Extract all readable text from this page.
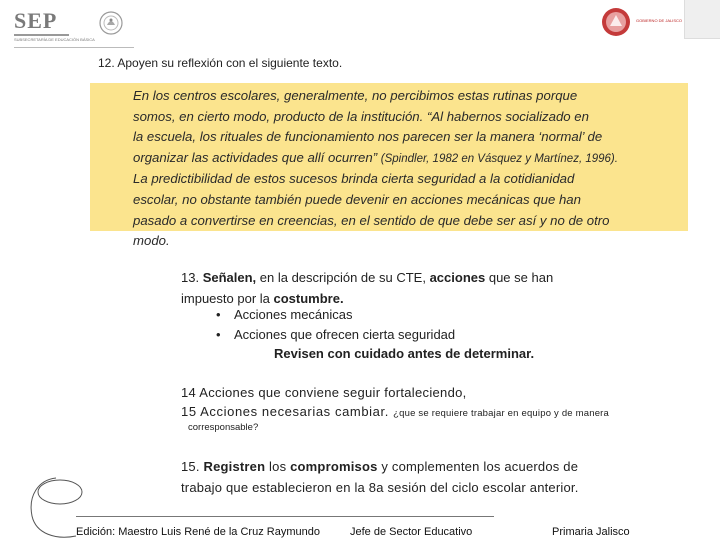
SEP
SUBSECRETARÍA DE EDUCACIÓN BÁSICA
GOBIERNO DE JALISCO
12. Apoyen su reflexión con el siguiente texto.
En los centros escolares, generalmente, no percibimos estas rutinas porque
somos, en cierto modo, producto de la institución. “Al habernos socializado en
la escuela, los rituales de funcionamiento nos parecen ser la manera ‘normal’ de
organizar las actividades que allí ocurren” (Spindler, 1982 en Vásquez y Martínez, 1996).
La predictibilidad de estos sucesos brinda cierta seguridad a la cotidianidad
escolar, no obstante también puede devenir en acciones mecánicas que han
pasado a convertirse en creencias, en el sentido de que debe ser así y no de otro
modo.
13. Señalen, en la descripción de su CTE, acciones que se han
impuesto por la costumbre.
• Acciones mecánicas
• Acciones que ofrecen cierta seguridad
Revisen con cuidado antes de determinar.
14 Acciones que conviene seguir fortaleciendo,
15 Acciones necesarias cambiar. ¿que se requiere trabajar en equipo y de manera
corresponsable?
15. Registren los compromisos y complementen los acuerdos de
trabajo que establecieron en la 8a sesión del ciclo escolar anterior.
Edición: Maestro Luis René de la Cruz Raymundo	Jefe de Sector Educativo	Primaria Jalisco
